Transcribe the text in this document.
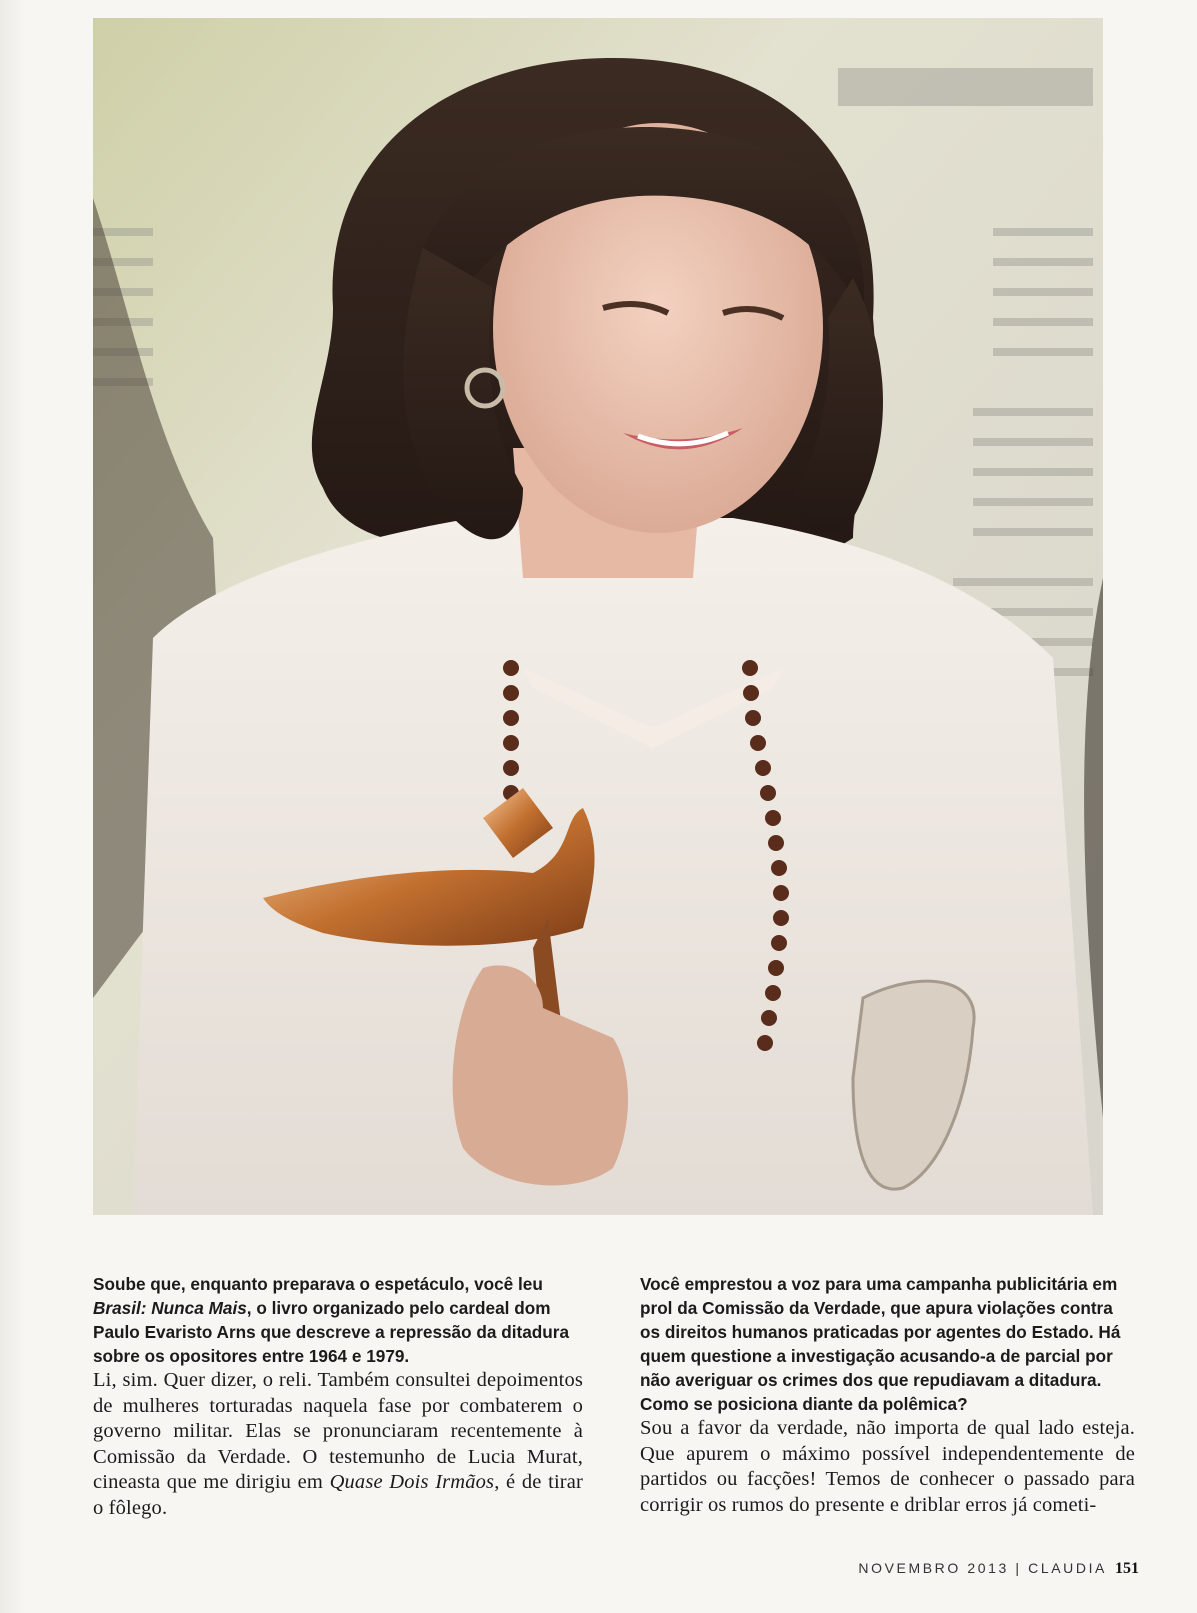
Soube que, enquanto preparava o espetáculo, você leu Brasil: Nunca Mais, o livro organizado pelo cardeal dom Paulo Evaristo Arns que descreve a repressão da ditadura sobre os opositores entre 1964 e 1979.

Li, sim. Quer dizer, o reli. Também consultei depoimentos de mulheres torturadas naquela fase por combaterem o governo militar. Elas se pronunciaram recentemente à Comissão da Verdade. O testemunho de Lucia Murat, cineasta que me dirigiu em Quase Dois Irmãos, é de tirar o fôlego.

Você emprestou a voz para uma campanha publicitária em prol da Comissão da Verdade, que apura violações contra os direitos humanos praticadas por agentes do Estado. Há quem questione a investigação acusando-a de parcial por não averiguar os crimes dos que repudiavam a ditadura. Como se posiciona diante da polêmica?

Sou a favor da verdade, não importa de qual lado esteja. Que apurem o máximo possível independentemente de partidos ou facções! Temos de conhecer o passado para corrigir os rumos do presente e driblar erros já cometi-

NOVEMBRO 2013 | CLAUDIA 151
